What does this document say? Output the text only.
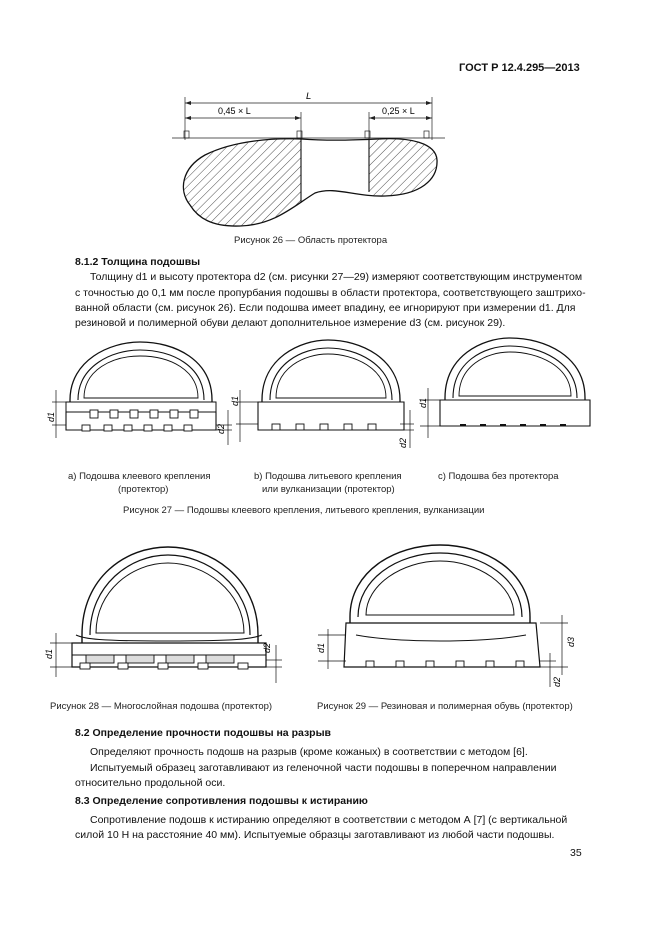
ГОСТ Р 12.4.295—2013
L
0,45 × L	0,25 × L
Рисунок 26 — Область протектора
8.1.2 Толщина подошвы
Толщину d1 и высоту протектора d2 (см. рисунки 27—29) измеряют соответствующим инструментом
с точностью до 0,1 мм после пропурбания подошвы в области протектора, соответствующего заштрихо-
ванной области (см. рисунок 26). Если подошва имеет впадину, ее игнорируют при измерении d1. Для
резиновой и полимерной обуви делают дополнительное измерение d3 (см. рисунок 29).
d1
d2
d1
d2
d1
а) Подошва клеевого крепления
(протектор)
b) Подошва литьевого крепления
или вулканизации (протектор)
c) Подошва без протектора
Рисунок 27 — Подошвы клеевого крепления, литьевого крепления, вулканизации
d1
d2	d1
d3
d2
Рисунок 28 — Многослойная подошва (протектор)	Рисунок 29 — Резиновая и полимерная обувь (протектор)
8.2 Определение прочности подошвы на разрыв
Определяют прочность подошв на разрыв (кроме кожаных) в соответствии с методом [6].
Испытуемый образец заготавливают из геленочной части подошвы в поперечном направлении
относительно продольной оси.
8.3 Определение сопротивления подошвы к истиранию
Сопротивление подошв к истиранию определяют в соответствии с методом А [7] (с вертикальной
силой 10 Н на расстояние 40 мм). Испытуемые образцы заготавливают из любой части подошвы.
35
